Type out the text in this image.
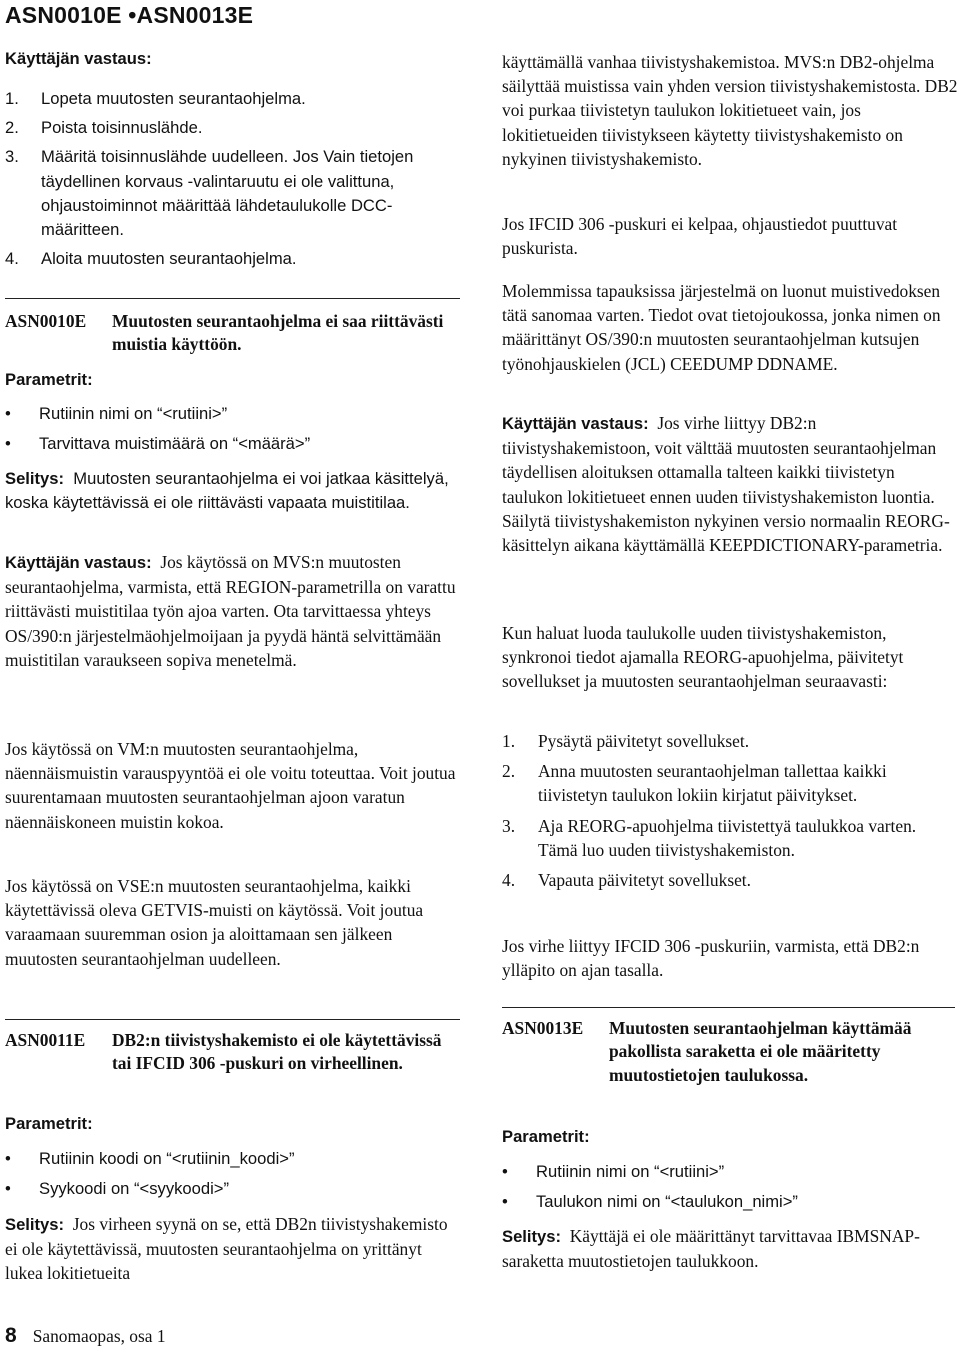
ASN0010E •ASN0013E

Käyttäjän vastaus:

1. Lopeta muutosten seurantaohjelma.
2. Poista toisinnuslähde.
3. Määritä toisinnuslähde uudelleen. Jos Vain tietojen täydellinen korvaus -valintaruutu ei ole valittuna, ohjaustoiminnot määrittää lähdetaulukolle DCC-määritteen.
4. Aloita muutosten seurantaohjelma.
ASN0010E Muutosten seurantaohjelma ei saa riittävästi muistia käyttöön.

Parametrit:

• Rutiinin nimi on “<rutiini>”
• Tarvittava muistimäärä on “<määrä>”

Selitys: Muutosten seurantaohjelma ei voi jatkaa käsittelyä, koska käytettävissä ei ole riittävästi vapaata muistitilaa.

Käyttäjän vastaus: Jos käytössä on MVS:n muutosten seurantaohjelma, varmista, että REGION-parametrilla on varattu riittävästi muistitilaa työn ajoa varten. Ota tarvittaessa yhteys OS/390:n järjestelmäohjelmoijaan ja pyydä häntä selvittämään muistitilan varaukseen sopiva menetelmä.

Jos käytössä on VM:n muutosten seurantaohjelma, näennäismuistin varauspyyntöä ei ole voitu toteuttaa. Voit joutua suurentamaan muutosten seurantaohjelman ajoon varatun näennäiskoneen muistin kokoa.

Jos käytössä on VSE:n muutosten seurantaohjelma, kaikki käytettävissä oleva GETVIS-muisti on käytössä. Voit joutua varaamaan suuremman osion ja aloittamaan sen jälkeen muutosten seurantaohjelman uudelleen.

ASN0011E DB2:n tiivistyshakemisto ei ole käytettävissä tai IFCID 306 -puskuri on virheellinen.

Parametrit:

• Rutiinin koodi on “<rutiinin_koodi>”
• Syykoodi on “<syykoodi>”

Selitys: Jos virheen syynä on se, että DB2n tiivistyshakemisto ei ole käytettävissä, muutosten seurantaohjelma on yrittänyt lukea lokitietueita

käyttämällä vanhaa tiivistyshakemistoa. MVS:n DB2-ohjelma säilyttää muistissa vain yhden version tiivistyshakemistosta. DB2 voi purkaa tiivistetyn taulukon lokitietueet vain, jos lokitietueiden tiivistykseen käytetty tiivistyshakemisto on nykyinen tiivistyshakemisto.

Jos IFCID 306 -puskuri ei kelpaa, ohjaustiedot puuttuvat puskurista.

Molemmissa tapauksissa järjestelmä on luonut muistivedoksen tätä sanomaa varten. Tiedot ovat tietojoukossa, jonka nimen on määrittänyt OS/390:n muutosten seurantaohjelman kutsujen työnohjauskielen (JCL) CEEDUMP DDNAME.

Käyttäjän vastaus: Jos virhe liittyy DB2:n tiivistyshakemistoon, voit välttää muutosten seurantaohjelman täydellisen aloituksen ottamalla talteen kaikki tiivistetyn taulukon lokitietueet ennen uuden tiivistyshakemiston luontia. Säilytä tiivistyshakemiston nykyinen versio normaalin REORG-käsittelyn aikana käyttämällä KEEPDICTIONARY-parametria.

Kun haluat luoda taulukolle uuden tiivistyshakemiston, synkronoi tiedot ajamalla REORG-apuohjelma, päivitetyt sovellukset ja muutosten seurantaohjelman seuraavasti:

1. Pysäytä päivitetyt sovellukset.
2. Anna muutosten seurantaohjelman tallettaa kaikki tiivistetyn taulukon lokiin kirjatut päivitykset.
3. Aja REORG-apuohjelma tiivistettyä taulukkoa varten. Tämä luo uuden tiivistyshakemiston.
4. Vapauta päivitetyt sovellukset.

Jos virhe liittyy IFCID 306 -puskuriin, varmista, että DB2:n ylläpito on ajan tasalla.

ASN0013E Muutosten seurantaohjelman käyttämää pakollista saraketta ei ole määritetty muutostietojen taulukossa.

Parametrit:

• Rutiinin nimi on “<rutiini>”
• Taulukon nimi on “<taulukon_nimi>”

Selitys: Käyttäjä ei ole määrittänyt tarvittavaa IBMSNAP-saraketta muutostietojen taulukkoon.

8 Sanomaopas, osa 1
